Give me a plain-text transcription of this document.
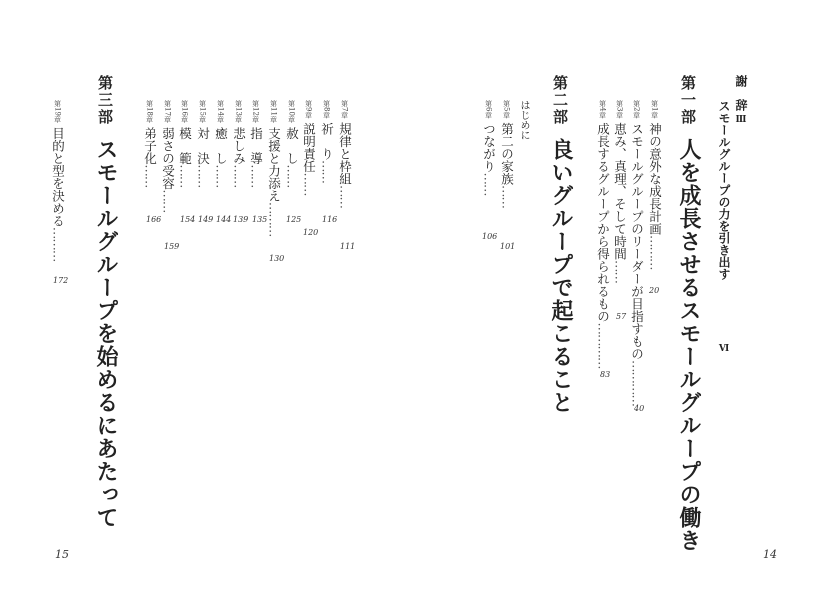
謝　辞Ⅲ
スモールグループの力を引き出す　　　　　Ⅵ
第一部
人を成長させるスモールグループの働き
第1章神の意外な成長計画………
20
第2章スモールグループのリーダーが目指すもの…………
40
第3章恵み、真理、そして時間……
57
第4章成長するグループから得られるもの…………
83
第二部
良いグループで起こること
はじめに
第5章第二の家族……
101
第6章つながり……
106
14
第三部
スモールグループを始めるにあたって
第7章規律と枠組……
111
第8章祈　り……
116
第9章説明責任……
120
第10章赦　し……
125
第11章支援と力添え………
130
第12章指　導……
135
第13章悲しみ……
139
第14章癒　し……
144
第15章対　決……
149
第16章模　範……
154
第17章弱さの受容……
159
第18章弟子化……
166
第19章目的と型を決める………
172
15
